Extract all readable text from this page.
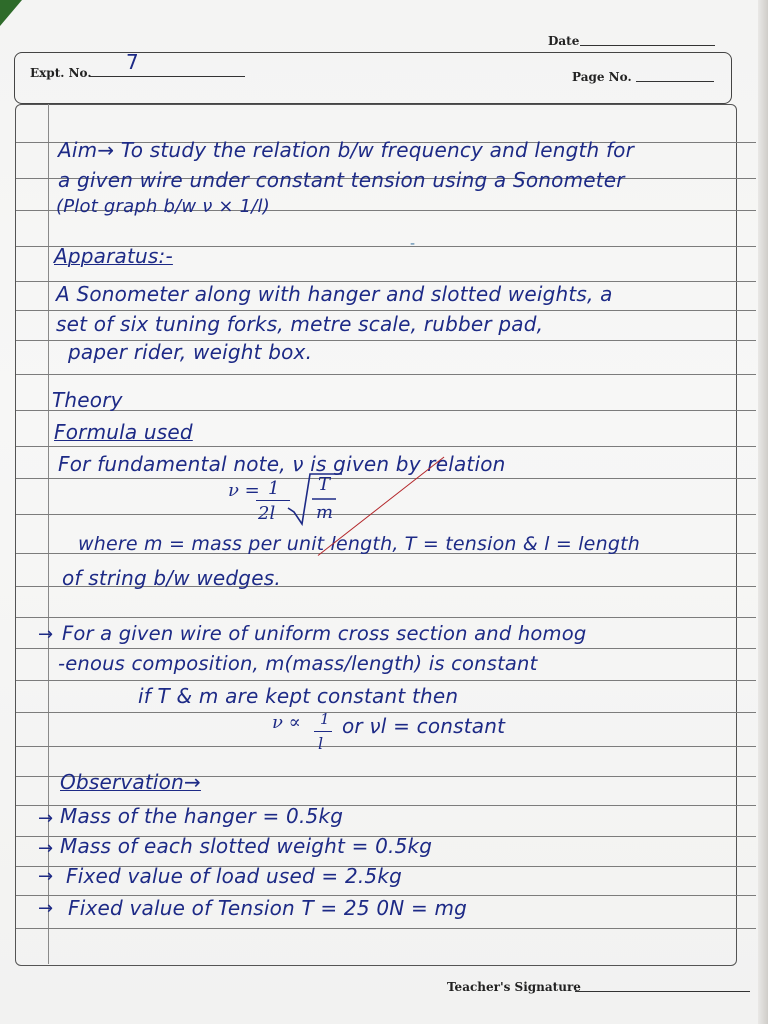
Date
Expt. No. 7
Page No.
Aim→ To study the relation b/w frequency and length for
a given wire under constant tension using a Sonometer
(Plot graph b/w ν × 1/l)
Apparatus:-
A Sonometer along with hanger and slotted weights, a
set of six tuning forks, metre scale, rubber pad,
paper rider, weight box.
Theory
Formula used
For fundamental note, ν is given by relation
ν = 1
2l
T
m
where m = mass per unit length, T = tension & l = length
of string b/w wedges.
→ For a given wire of uniform cross section and homog
-enous composition, m(mass/length) is constant
if T & m are kept constant then
ν ∝ 1
l
or νl = constant
Observation→
→ Mass of the hanger = 0.5kg
→ Mass of each slotted weight = 0.5kg
→ Fixed value of load used = 2.5kg
→ Fixed value of Tension T = 25 0N = mg
-
Teacher's Signature
